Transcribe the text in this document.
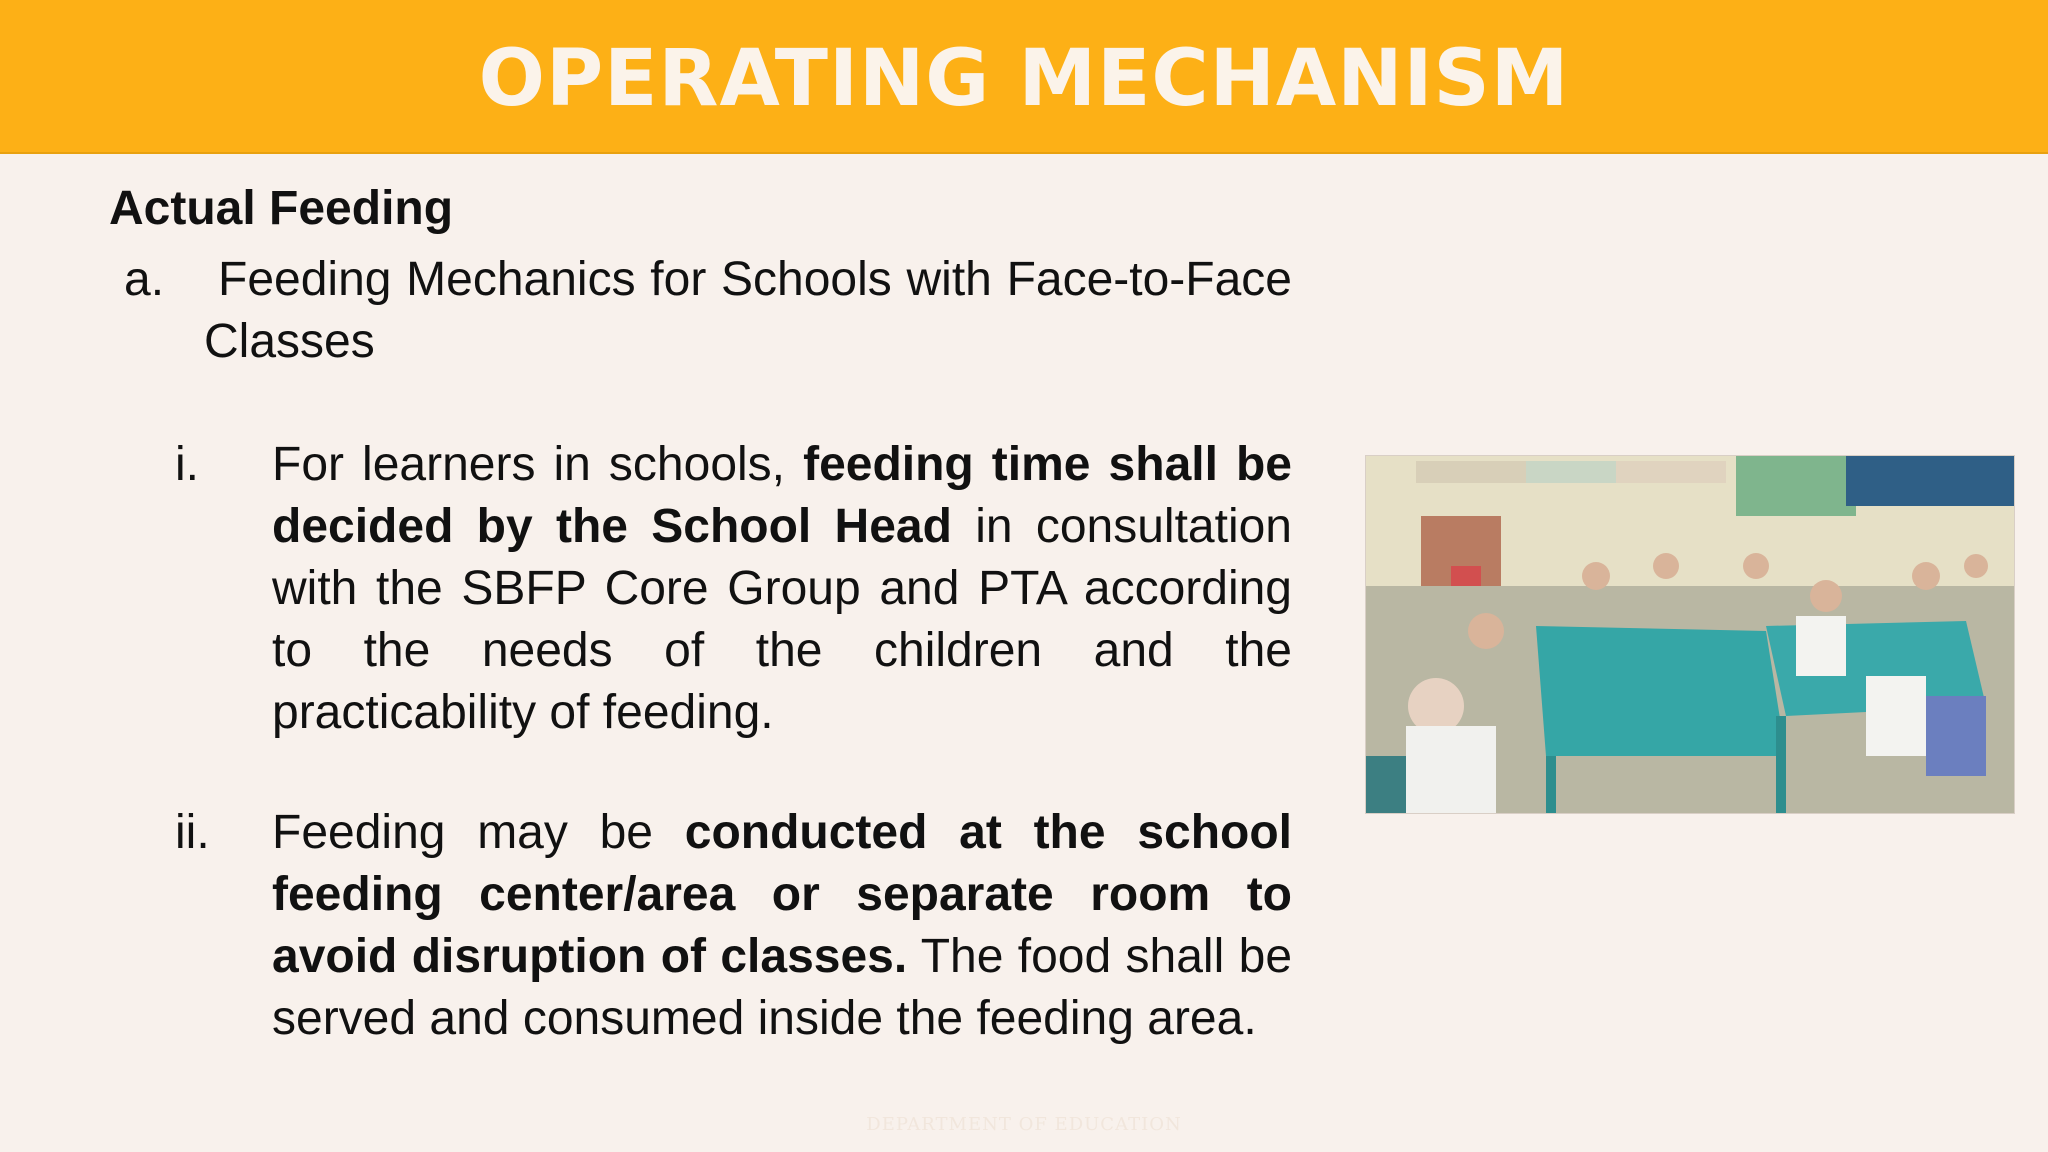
OPERATING MECHANISM
Actual Feeding
a. Feeding Mechanics for Schools with Face-to-Face Classes
i. For learners in schools, feeding time shall be decided by the School Head in consultation with the SBFP Core Group and PTA according to the needs of the children and the practicability of feeding.
ii. Feeding may be conducted at the school feeding center/area or separate room to avoid disruption of classes. The food shall be served and consumed inside the feeding area.
DEPARTMENT OF EDUCATION
